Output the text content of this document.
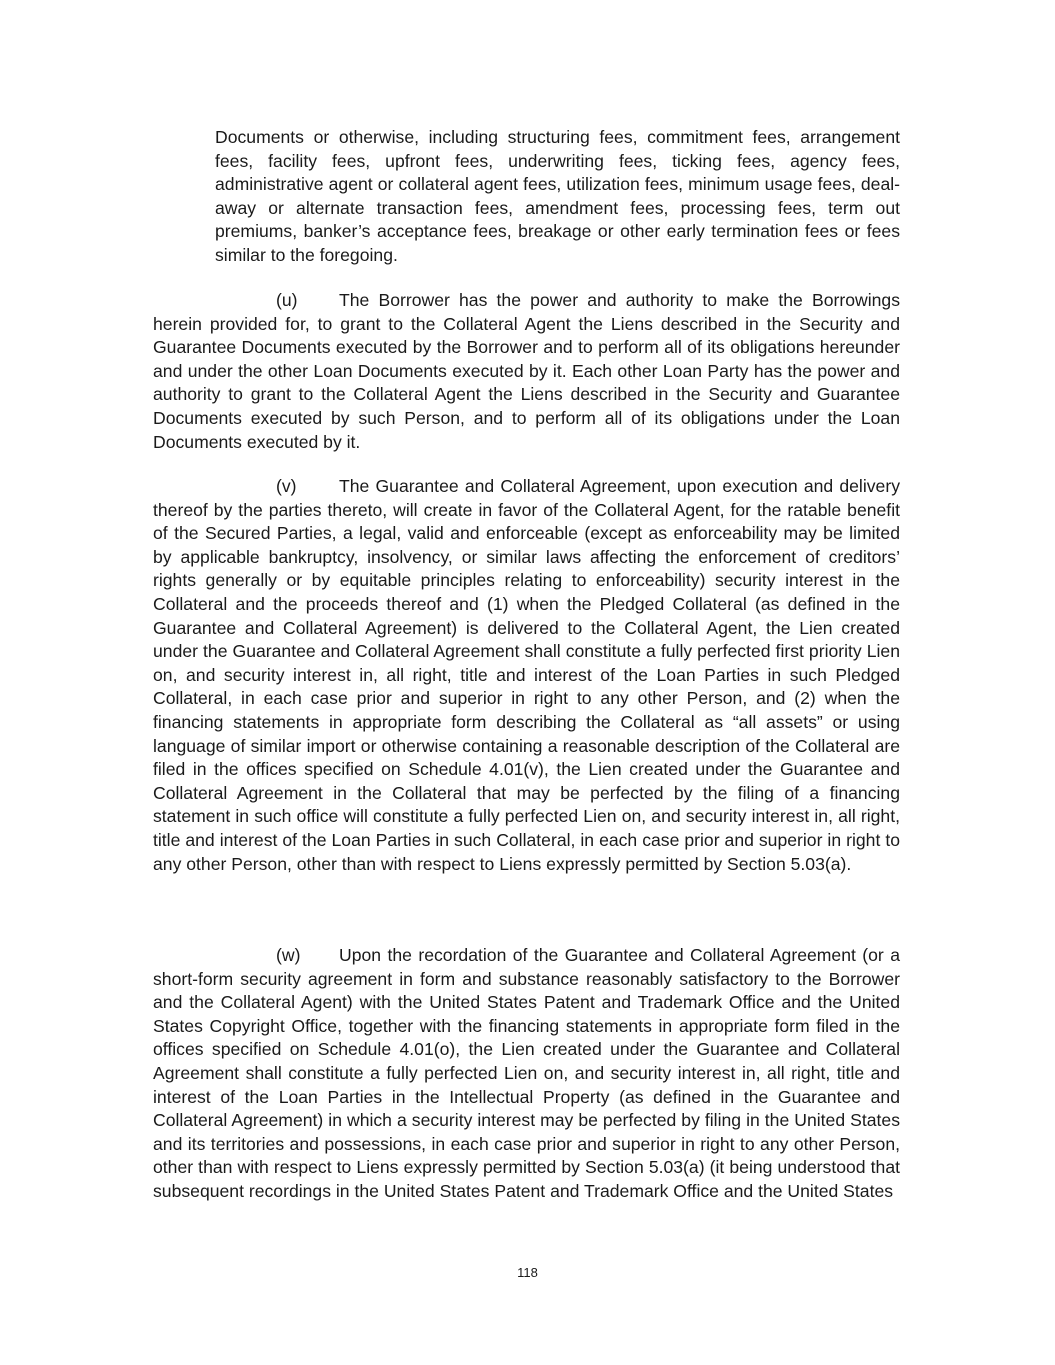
Documents or otherwise, including structuring fees, commitment fees, arrangement fees, facility fees, upfront fees, underwriting fees, ticking fees, agency fees, administrative agent or collateral agent fees, utilization fees, minimum usage fees, deal-away or alternate transaction fees, amendment fees, processing fees, term out premiums, banker’s acceptance fees, breakage or other early termination fees or fees similar to the foregoing.

(u) The Borrower has the power and authority to make the Borrowings herein provided for, to grant to the Collateral Agent the Liens described in the Security and Guarantee Documents executed by the Borrower and to perform all of its obligations hereunder and under the other Loan Documents executed by it. Each other Loan Party has the power and authority to grant to the Collateral Agent the Liens described in the Security and Guarantee Documents executed by such Person, and to perform all of its obligations under the Loan Documents executed by it.

(v) The Guarantee and Collateral Agreement, upon execution and delivery thereof by the parties thereto, will create in favor of the Collateral Agent, for the ratable benefit of the Secured Parties, a legal, valid and enforceable (except as enforceability may be limited by applicable bankruptcy, insolvency, or similar laws affecting the enforcement of creditors’ rights generally or by equitable principles relating to enforceability) security interest in the Collateral and the proceeds thereof and (1) when the Pledged Collateral (as defined in the Guarantee and Collateral Agreement) is delivered to the Collateral Agent, the Lien created under the Guarantee and Collateral Agreement shall constitute a fully perfected first priority Lien on, and security interest in, all right, title and interest of the Loan Parties in such Pledged Collateral, in each case prior and superior in right to any other Person, and (2) when the financing statements in appropriate form describing the Collateral as “all assets” or using language of similar import or otherwise containing a reasonable description of the Collateral are filed in the offices specified on Schedule 4.01(v), the Lien created under the Guarantee and Collateral Agreement in the Collateral that may be perfected by the filing of a financing statement in such office will constitute a fully perfected Lien on, and security interest in, all right, title and interest of the Loan Parties in such Collateral, in each case prior and superior in right to any other Person, other than with respect to Liens expressly permitted by Section 5.03(a).

(w) Upon the recordation of the Guarantee and Collateral Agreement (or a short-form security agreement in form and substance reasonably satisfactory to the Borrower and the Collateral Agent) with the United States Patent and Trademark Office and the United States Copyright Office, together with the financing statements in appropriate form filed in the offices specified on Schedule 4.01(o), the Lien created under the Guarantee and Collateral Agreement shall constitute a fully perfected Lien on, and security interest in, all right, title and interest of the Loan Parties in the Intellectual Property (as defined in the Guarantee and Collateral Agreement) in which a security interest may be perfected by filing in the United States and its territories and possessions, in each case prior and superior in right to any other Person, other than with respect to Liens expressly permitted by Section 5.03(a) (it being understood that subsequent recordings in the United States Patent and Trademark Office and the United States

118
